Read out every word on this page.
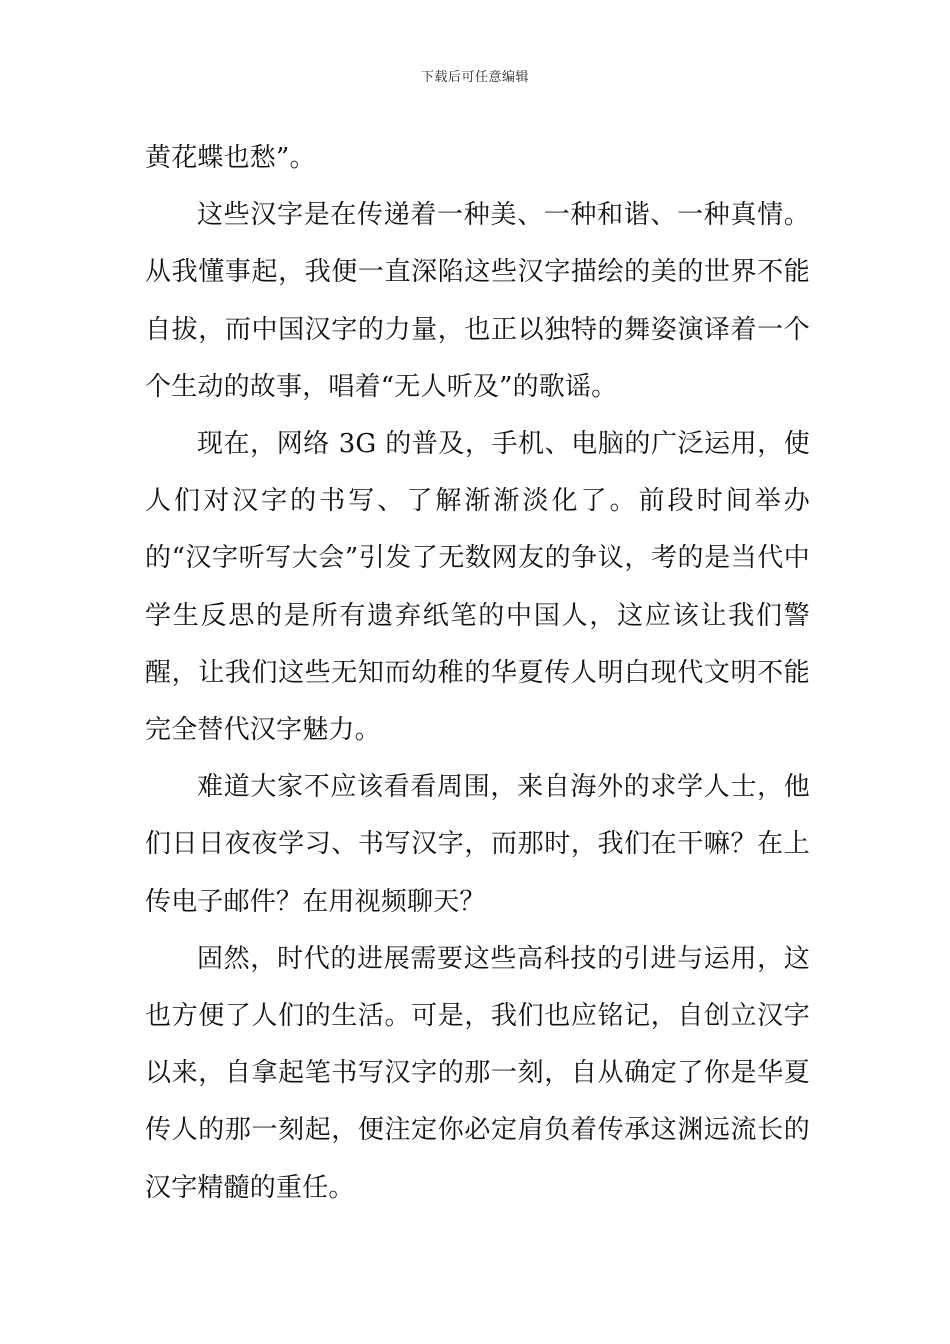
下载后可任意编辑

黄花蝶也愁”。

这些汉字是在传递着一种美、一种和谐、一种真情。从我懂事起，我便一直深陷这些汉字描绘的美的世界不能自拔，而中国汉字的力量，也正以独特的舞姿演译着一个个生动的故事，唱着“无人听及”的歌谣。

现在，网络 3G 的普及，手机、电脑的广泛运用，使人们对汉字的书写、了解渐渐淡化了。前段时间举办的“汉字听写大会”引发了无数网友的争议，考的是当代中学生反思的是所有遗弃纸笔的中国人，这应该让我们警醒，让我们这些无知而幼稚的华夏传人明白现代文明不能完全替代汉字魅力。

难道大家不应该看看周围，来自海外的求学人士，他们日日夜夜学习、书写汉字，而那时，我们在干嘛？在上传电子邮件？在用视频聊天？

固然，时代的进展需要这些高科技的引进与运用，这也方便了人们的生活。可是，我们也应铭记，自创立汉字以来，自拿起笔书写汉字的那一刻，自从确定了你是华夏传人的那一刻起，便注定你必定肩负着传承这渊远流长的汉字精髓的重任。
